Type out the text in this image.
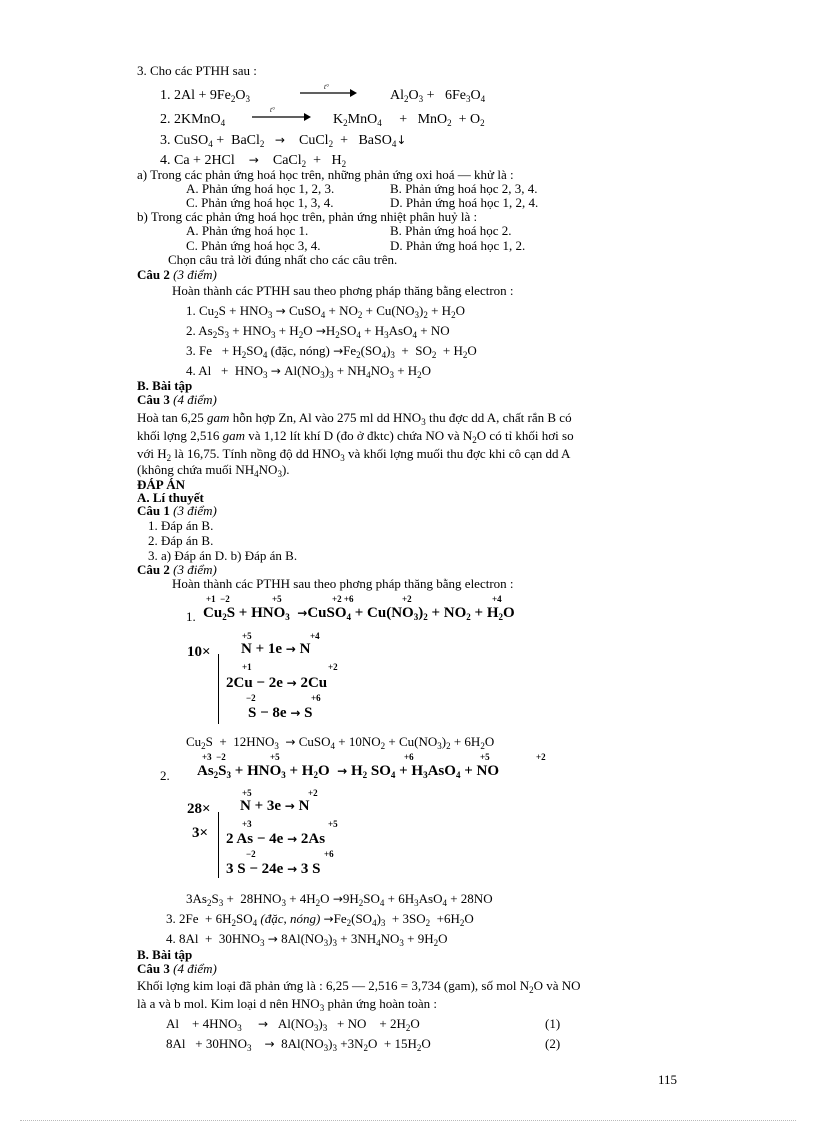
3. Cho các PTHH sau :
1. $2Al + 9Fe_2O_3$
t°
$Al_2O_3 + 6Fe_3O_4$
2. 2KMnO$_4$
t°
$K_2MnO_4$     +   $MnO_2 + O_2$
3. CuSO$_4$ +  BaCl$_2$ →    CuCl$_2$  +   BaSO$_4$↓
4. Ca + 2HCl →    CaCl$_2$  +   $H_2$
a) Trong các phản ứng hoá học trên, những phản ứng oxi hoá — khử là :
A. Phản ứng hoá học 1, 2, 3.	B. Phản ứng hoá học 2, 3, 4.
C. Phản ứng hoá học 1, 3, 4.	D. Phản ứng hoá học 1, 2, 4.
b) Trong các phản ứng hoá học trên, phản ứng nhiệt phân huỷ là :
A. Phản ứng hoá học 1.	B. Phản ứng hoá học 2.
C. Phản ứng hoá học 3, 4.	D. Phản ứng hoá học 1, 2.
Chọn câu trả lời đúng nhất cho các câu trên.
Câu 2 (3 điểm)
Hoàn thành các PTHH sau theo phơng pháp thăng bằng electron :
1. $Cu_2S + HNO_3$ → CuSO$_4$ + $NO_2 + Cu(NO_3)_2 + H_2O$
2. $As_2S_3 + HNO_3 + H_2O \to H_2SO_4 + H_3AsO_4$ + NO
3. $Fe + H_2SO_4$ (đặc, nóng) $\to Fe_2(SO_4)_3 + SO_2 + H_2O$
4. $Al + HNO_3 \to Al(NO_3)_3 + NH_4NO_3 + H_2O$
B. Bài tập
Câu 3 (4 điểm)
Hoà tan 6,25 gam hỗn hợp Zn, Al vào 275 ml dd $HNO_3$ thu đợc dd A, chất rắn B có
khối lợng 2,516 gam và 1,12 lít khí D (đo ở đktc) chứa NO và $N_2O$ có tỉ khối hơi so
với $H_2$ là 16,75. Tính nồng độ dd $HNO_3$ và khối lợng muối thu đợc khi cô cạn dd A
(không chứa muối $NH_4NO_3$).
ĐÁP ÁN
A. Lí thuyết
Câu 1 (3 điểm)
1. Đáp án B.
2. Đáp án B.
3. a) Đáp án D. b) Đáp án B.
Câu 2 (3 điểm)
Hoàn thành các PTHH sau theo phơng pháp thăng bằng electron :
+1  −2	+5	+2 +6	+2	+4
1. $Cu_2S + HNO_3$ →CuSO$_4$ + $Cu(NO_3)_2 + NO_2 + H_2O$
+5	+4
10× N + 1e → N
+1	+2
2Cu − 2e → 2Cu
−2	+6
S − 8e → S
$Cu_2S + 12HNO_3$ → CuSO$_4$ + $10NO_2 + Cu(NO_3)_2 + 6H_2O$
+3  −2	+5	+6	+5	+2
2. $As_2S_3 + HNO_3 + H_2O \to H_2$ $SO_4 + H_3AsO_4$ + NO
+5	+2
28× N + 3e → N
3×
+3	+5
2 As − 4e → 2As
−2	+6
3 S − 24e → 3 S
$3As_2S_3 + 28HNO_3 + 4H_2O \to 9H_2SO_4 + 6H_3AsO_4 + 28NO$
3. $2Fe + 6H_2SO_4$ (đặc, nóng) $\to Fe_2(SO_4)_3 + 3SO_2 +6H_2O$
4. $8Al + 30HNO_3 \to 8Al(NO_3)_3 + 3NH_4NO_3 + 9H_2O$
B. Bài tập
Câu 3 (4 điểm)
Khối lợng kim loại đã phản ứng là : 6,25 — 2,516 = 3,734 (gam), số mol $N_2O$ và NO
là a và b mol. Kim loại d nên $HNO_3$ phản ứng hoàn toàn :
Al    + $4HNO_3 \to Al(NO_3)_3$   + NO    + $2H_2O$	(1)
$8Al + 30HNO_3 \to 8Al(NO_3)_3 +3N_2O + 15H_2O$	(2)
115
